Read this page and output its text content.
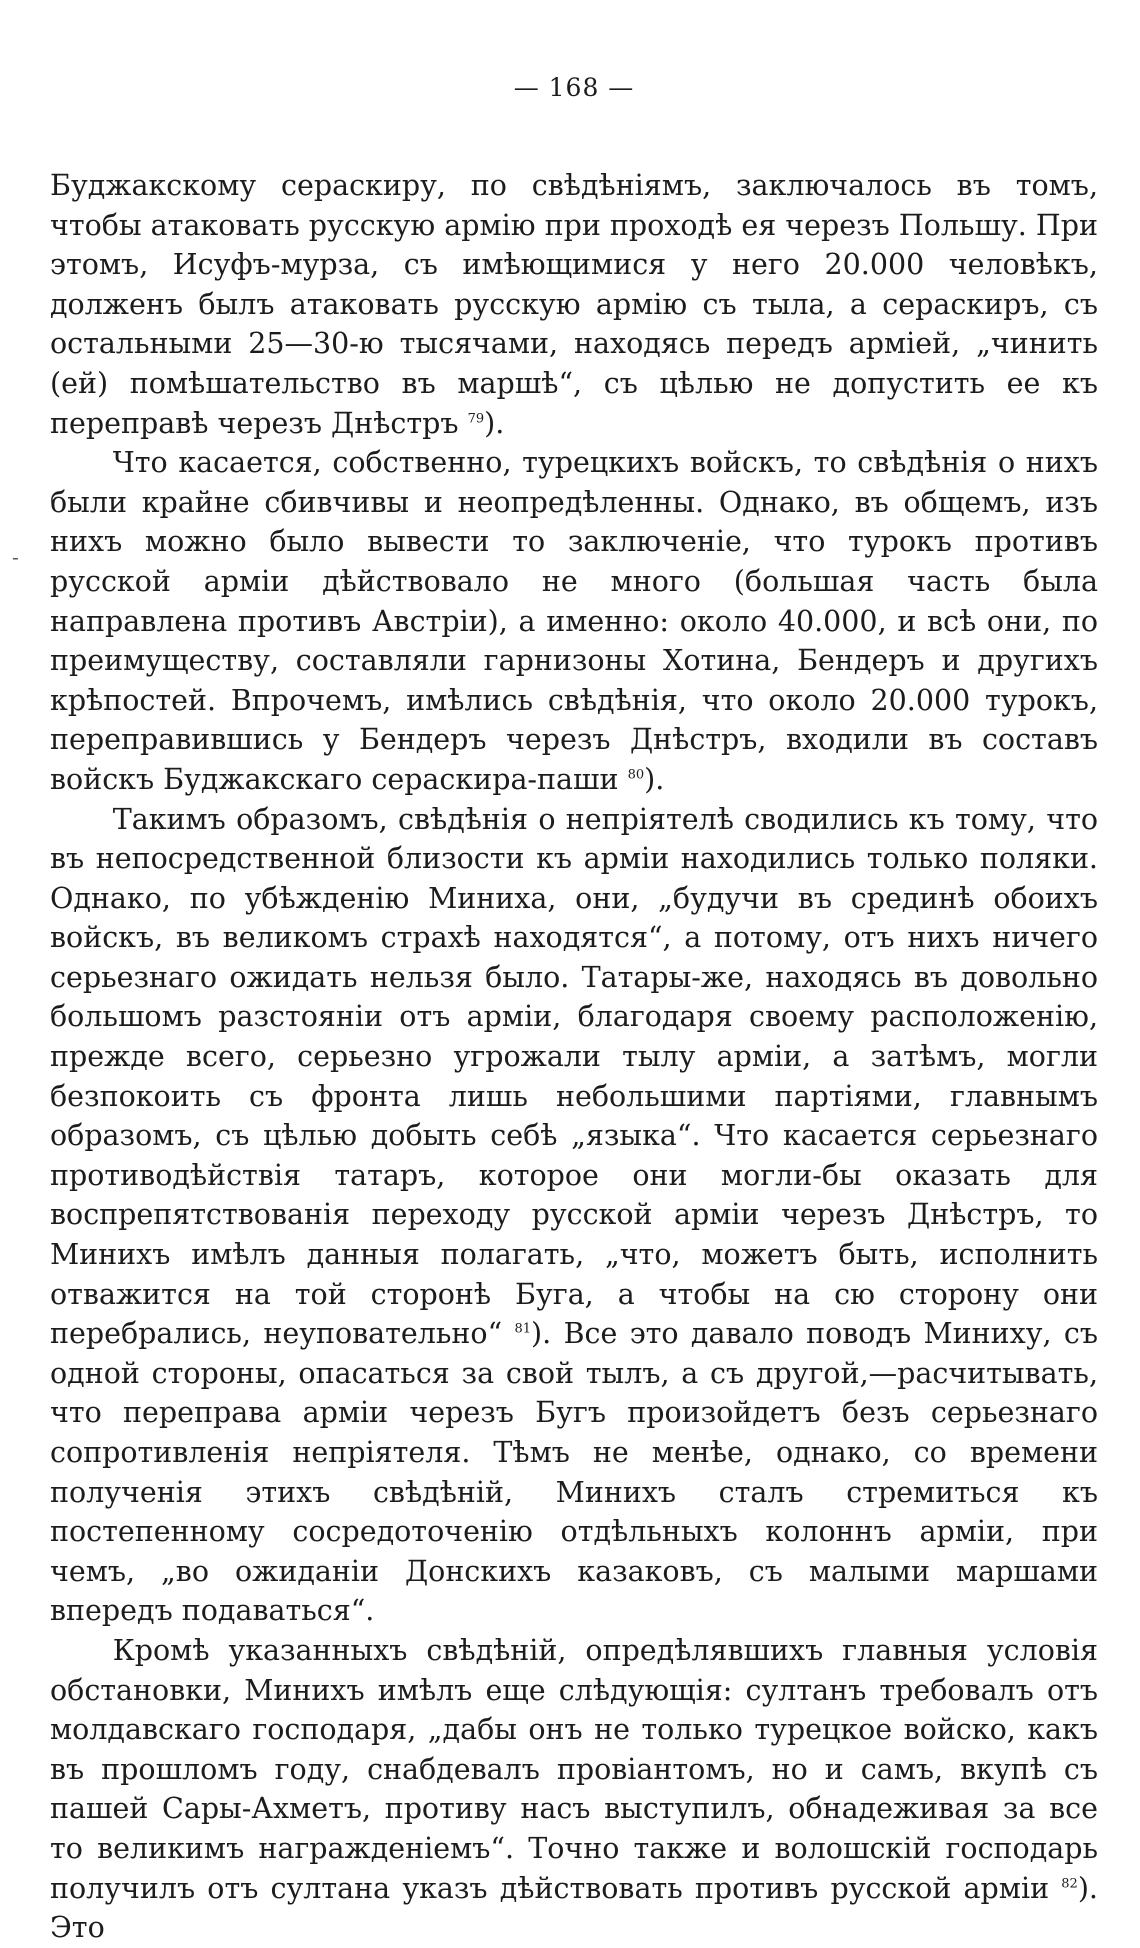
— 168 —
-

Буджакскому сераскиру, по свѣдѣніямъ, заключалось въ томъ, чтобы атаковать русскую армію при проходѣ ея черезъ Польшу. При этомъ, Исуфъ-мурза, съ имѣющимися у него 20.000 человѣкъ, долженъ былъ атаковать русскую армію съ тыла, а сераскиръ, съ остальными 25—30-ю тысячами, находясь передъ арміей, „чинить (ей) помѣшательство въ маршѣ“, съ цѣлью не допустить ее къ переправѣ черезъ Днѣстръ $^{79}$).

Что касается, собственно, турецкихъ войскъ, то свѣдѣнія о нихъ были крайне сбивчивы и неопредѣленны. Однако, въ общемъ, изъ нихъ можно было вывести то заключеніе, что турокъ противъ русской арміи дѣйствовало не много (большая часть была направлена противъ Австріи), а именно: около 40.000, и всѣ они, по преимуществу, составляли гарнизоны Хотина, Бендеръ и другихъ крѣпостей. Впрочемъ, имѣлись свѣдѣнія, что около 20.000 турокъ, переправившись у Бендеръ черезъ Днѣстръ, входили въ составъ войскъ Буджакскаго сераскира-паши $^{80}$).

Такимъ образомъ, свѣдѣнія о непріятелѣ сводились къ тому, что въ непосредственной близости къ арміи находились только поляки. Однако, по убѣжденію Миниха, они, „будучи въ срединѣ обоихъ войскъ, въ великомъ страхѣ находятся“, а потому, отъ нихъ ничего серьезнаго ожидать нельзя было. Татары-же, находясь въ довольно большомъ разстояніи отъ арміи, благодаря своему расположенію, прежде всего, серьезно угрожали тылу арміи, а затѣмъ, могли безпокоить съ фронта лишь небольшими партіями, главнымъ образомъ, съ цѣлью добыть себѣ „языка“. Что касается серьезнаго противодѣйствія татаръ, которое они могли-бы оказать для воспрепятствованія переходу русской арміи черезъ Днѣстръ, то Минихъ имѣлъ данныя полагать, „что, можетъ быть, исполнить отважится на той сторонѣ Буга, а чтобы на сю сторону они перебрались, неуповательно“ $^{81}$). Все это давало поводъ Миниху, съ одной стороны, опасаться за свой тылъ, а съ другой,—расчитывать, что переправа арміи черезъ Бугъ произойдетъ безъ серьезнаго сопротивленія непріятеля. Тѣмъ не менѣе, однако, со времени полученія этихъ свѣдѣній, Минихъ сталъ стремиться къ постепенному сосредоточенію отдѣльныхъ колоннъ арміи, при чемъ, „во ожиданіи Донскихъ казаковъ, съ малыми маршами впередъ подаваться“.

Кромѣ указанныхъ свѣдѣній, опредѣлявшихъ главныя условія обстановки, Минихъ имѣлъ еще слѣдующія: султанъ требовалъ отъ молдавскаго господаря, „дабы онъ не только турецкое войско, какъ въ прошломъ году, снабдевалъ провіантомъ, но и самъ, вкупѣ съ пашей Сары-Ахметъ, противу насъ выступилъ, обнадеживая за все то великимъ награжденіемъ“. Точно также и волошскій господарь получилъ отъ султана указъ дѣйствовать противъ русской арміи $^{82}$). Это
